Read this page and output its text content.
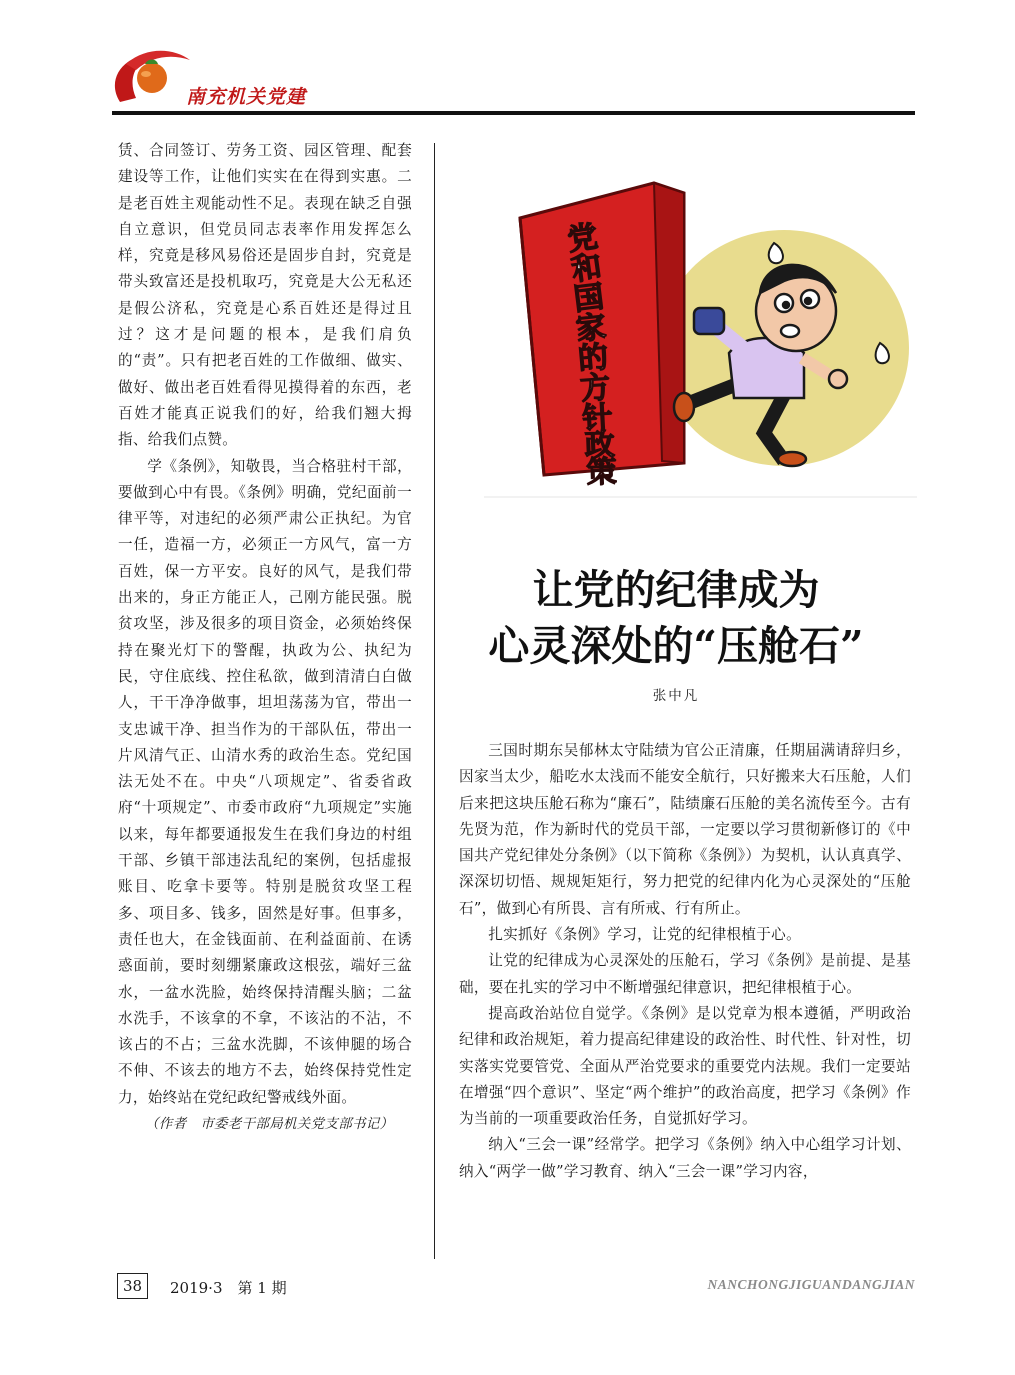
南充机关党建

赁、合同签订、劳务工资、园区管理、配套建设等工作，让他们实实在在得到实惠。二是老百姓主观能动性不足。表现在缺乏自强自立意识，但党员同志表率作用发挥怎么样，究竟是移风易俗还是固步自封，究竟是带头致富还是投机取巧，究竟是大公无私还是假公济私，究竟是心系百姓还是得过且过？这才是问题的根本，是我们肩负的“责”。只有把老百姓的工作做细、做实、做好、做出老百姓看得见摸得着的东西，老百姓才能真正说我们的好，给我们翘大拇指、给我们点赞。

学《条例》，知敬畏，当合格驻村干部，要做到心中有畏。《条例》明确，党纪面前一律平等，对违纪的必须严肃公正执纪。为官一任，造福一方，必须正一方风气，富一方百姓，保一方平安。良好的风气，是我们带出来的，身正方能正人，己刚方能民强。脱贫攻坚，涉及很多的项目资金，必须始终保持在聚光灯下的警醒，执政为公、执纪为民，守住底线、控住私欲，做到清清白白做人，干干净净做事，坦坦荡荡为官，带出一支忠诚干净、担当作为的干部队伍，带出一片风清气正、山清水秀的政治生态。党纪国法无处不在。中央“八项规定”、省委省政府“十项规定”、市委市政府“九项规定”实施以来，每年都要通报发生在我们身边的村组干部、乡镇干部违法乱纪的案例，包括虚报账目、吃拿卡要等。特别是脱贫攻坚工程多、项目多、钱多，固然是好事。但事多，责任也大，在金钱面前、在利益面前、在诱惑面前，要时刻绷紧廉政这根弦，端好三盆水，一盆水洗脸，始终保持清醒头脑；二盆水洗手，不该拿的不拿，不该沾的不沾，不该占的不占；三盆水洗脚，不该伸腿的场合不伸、不该去的地方不去，始终保持党性定力，始终站在党纪政纪警戒线外面。

（作者　市委老干部局机关党支部书记）

党
和
国
家
的
方
针
政
策
让党的纪律成为
心灵深处的“压舱石”
张中凡

三国时期东吴郁林太守陆绩为官公正清廉，任期届满请辞归乡，因家当太少，船吃水太浅而不能安全航行，只好搬来大石压舱，人们后来把这块压舱石称为“廉石”，陆绩廉石压舱的美名流传至今。古有先贤为范，作为新时代的党员干部，一定要以学习贯彻新修订的《中国共产党纪律处分条例》（以下简称《条例》）为契机，认认真真学、深深切切悟、规规矩矩行，努力把党的纪律内化为心灵深处的“压舱石”，做到心有所畏、言有所戒、行有所止。

扎实抓好《条例》学习，让党的纪律根植于心。

让党的纪律成为心灵深处的压舱石，学习《条例》是前提、是基础，要在扎实的学习中不断增强纪律意识，把纪律根植于心。

提高政治站位自觉学。《条例》是以党章为根本遵循，严明政治纪律和政治规矩，着力提高纪律建设的政治性、时代性、针对性，切实落实党要管党、全面从严治党要求的重要党内法规。我们一定要站在增强“四个意识”、坚定“两个维护”的政治高度，把学习《条例》作为当前的一项重要政治任务，自觉抓好学习。

纳入“三会一课”经常学。把学习《条例》纳入中心组学习计划、纳入“两学一做”学习教育、纳入“三会一课”学习内容，

38	2019·3　第 1 期	NANCHONGJIGUANDANGJIAN
